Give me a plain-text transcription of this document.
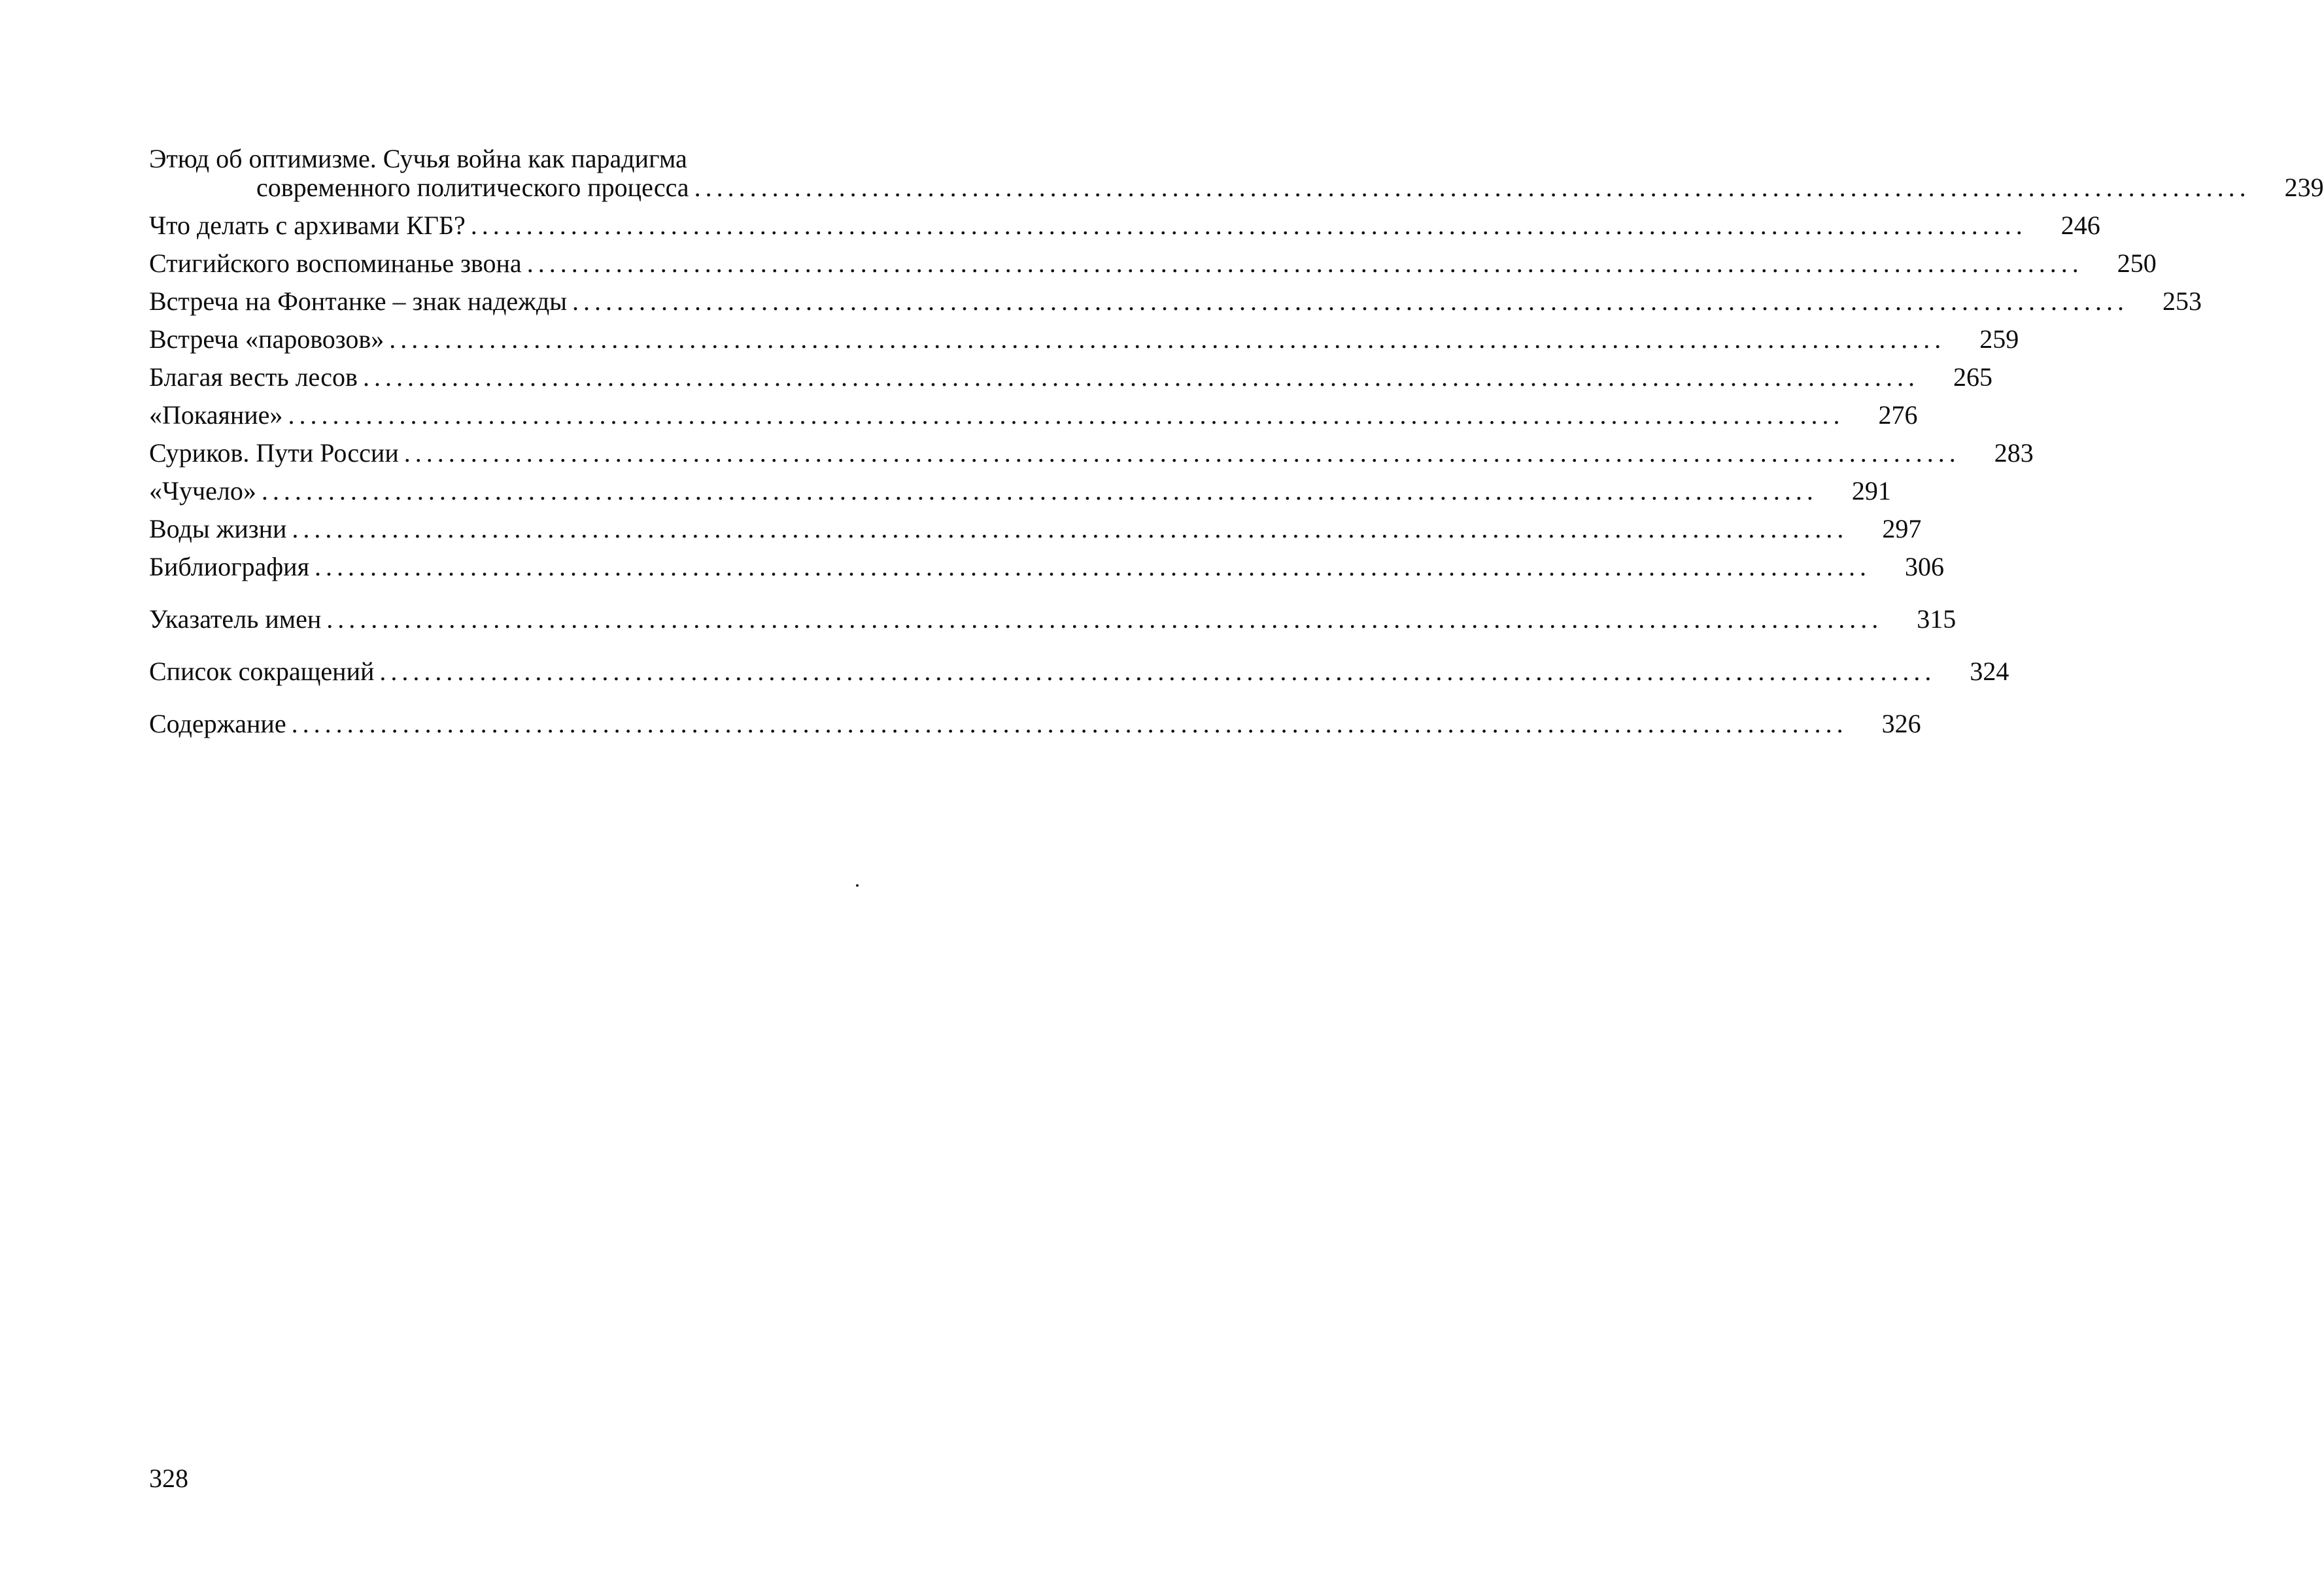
Этюд об оптимизме. Сучья война как парадигма
современного политического процесса ............................................................................................................................................	239
Что делать с архивами КГБ? ............................................................................................................................................	246
Стигийского воспоминанье звона ............................................................................................................................................	250
Встреча на Фонтанке – знак надежды ............................................................................................................................................	253
Встреча «паровозов» ............................................................................................................................................	259
Благая весть лесов ............................................................................................................................................	265
«Покаяние» ............................................................................................................................................	276
Суриков. Пути России ............................................................................................................................................	283
«Чучело» ............................................................................................................................................	291
Воды жизни ............................................................................................................................................	297
Библиография ............................................................................................................................................	306
Указатель имен ............................................................................................................................................	315
Список сокращений ............................................................................................................................................	324
Содержание ............................................................................................................................................	326
328
